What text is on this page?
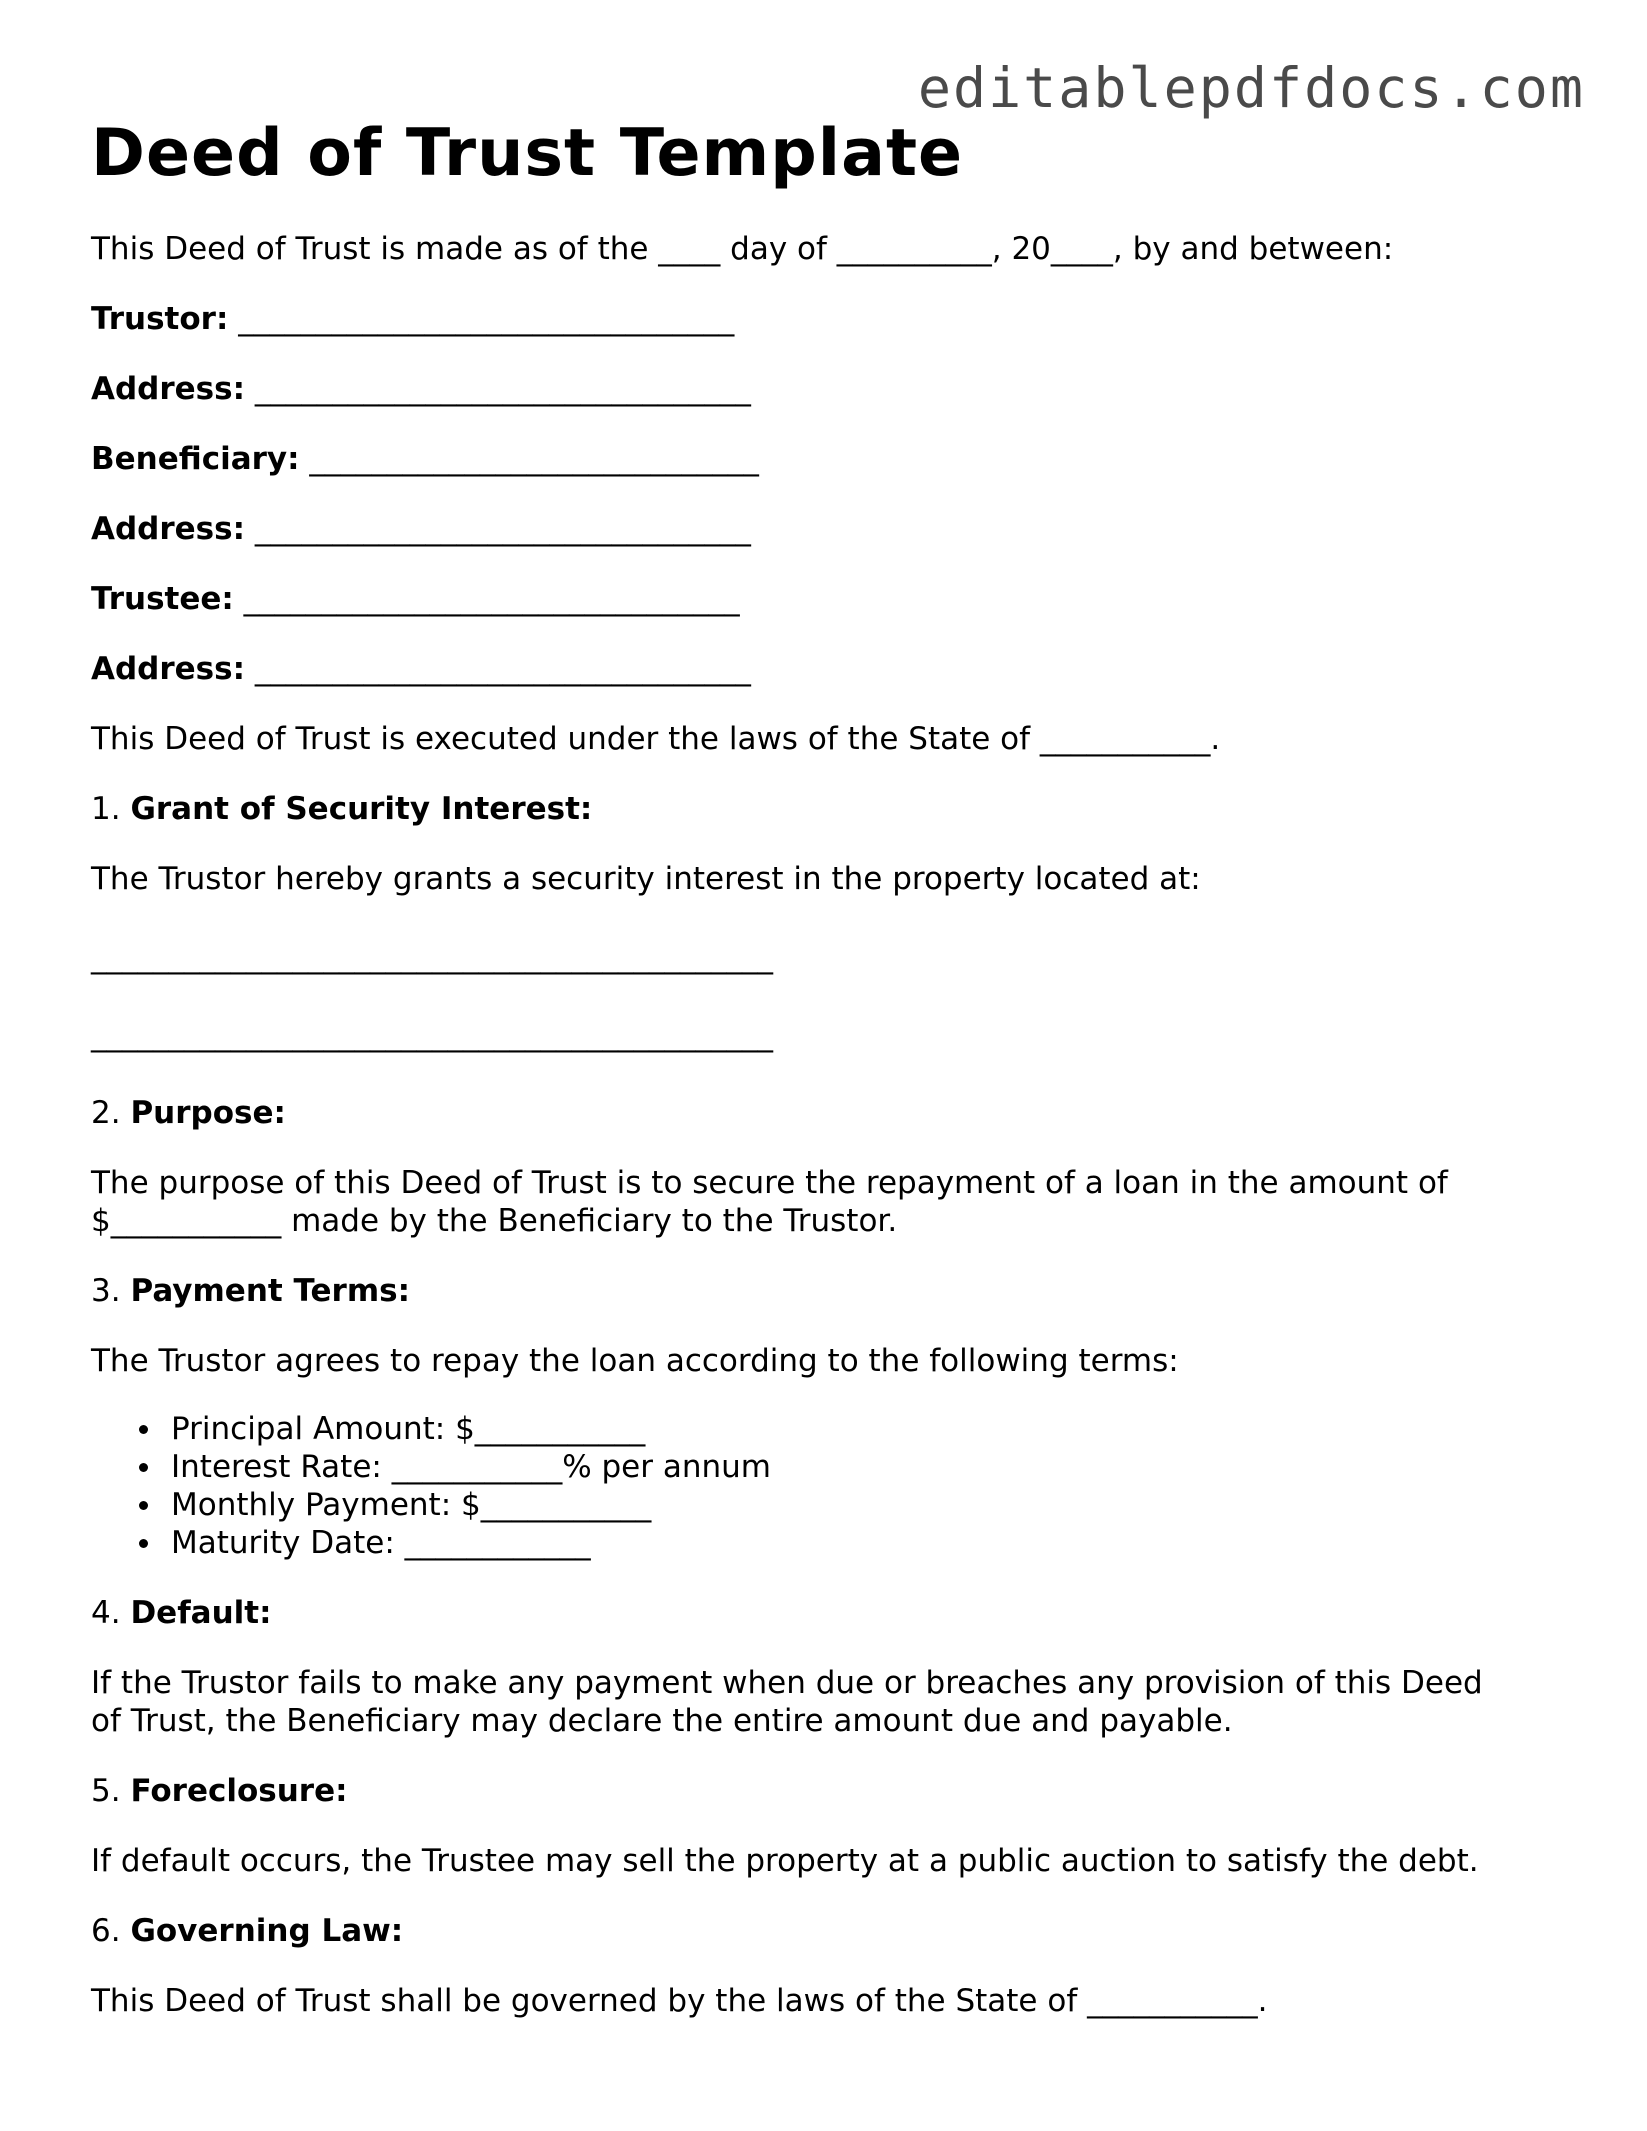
editablepdfdocs.com
Deed of Trust Template

This Deed of Trust is made as of the ____ day of __________, 20____, by and between:

Trustor: ________________________________

Address: ________________________________

Beneficiary: _____________________________

Address: ________________________________

Trustee: ________________________________

Address: ________________________________

This Deed of Trust is executed under the laws of the State of ___________.

1. Grant of Security Interest:

The Trustor hereby grants a security interest in the property located at:

____________________________________________

____________________________________________

2. Purpose:

The purpose of this Deed of Trust is to secure the repayment of a loan in the amount of
$___________ made by the Beneficiary to the Trustor.

3. Payment Terms:

The Trustor agrees to repay the loan according to the following terms:

Principal Amount: $___________
Interest Rate: ___________% per annum
Monthly Payment: $___________
Maturity Date: ____________

4. Default:

If the Trustor fails to make any payment when due or breaches any provision of this Deed
of Trust, the Beneficiary may declare the entire amount due and payable.

5. Foreclosure:

If default occurs, the Trustee may sell the property at a public auction to satisfy the debt.

6. Governing Law:

This Deed of Trust shall be governed by the laws of the State of ___________.
